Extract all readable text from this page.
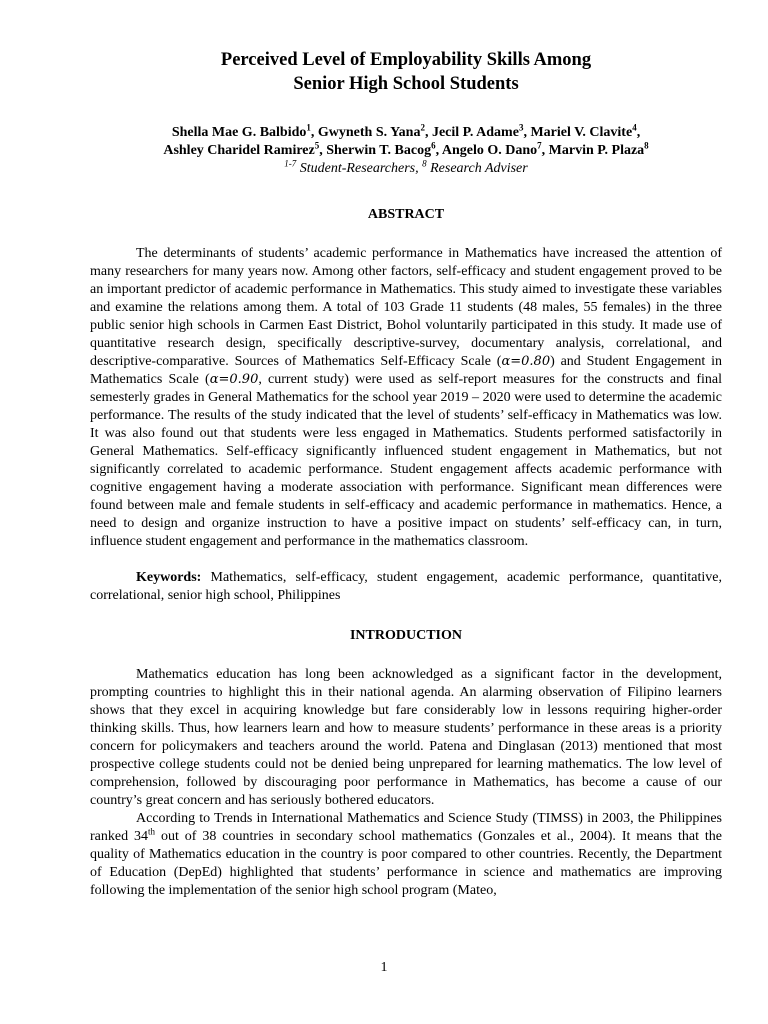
Perceived Level of Employability Skills Among
Senior High School Students
Shella Mae G. Balbido$^1$, Gwyneth S. Yana$^2$, Jecil P. Adame$^3$, Mariel V. Clavite$^4$,
Ashley Charidel Ramirez$^5$, Sherwin T. Bacog$^6$, Angelo O. Dano$^7$, Marvin P. Plaza$^8$
$^{1-7}$ Student-Researchers, $^8$ Research Adviser
ABSTRACT

The determinants of students’ academic performance in Mathematics have increased the attention of many researchers for many years now. Among other factors, self-efficacy and student engagement proved to be an important predictor of academic performance in Mathematics. This study aimed to investigate these variables and examine the relations among them. A total of 103 Grade 11 students (48 males, 55 females) in the three public senior high schools in Carmen East District, Bohol voluntarily participated in this study. It made use of quantitative research design, specifically descriptive-survey, documentary analysis, correlational, and descriptive-comparative. Sources of Mathematics Self-Efficacy Scale (α=0.80) and Student Engagement in Mathematics Scale (α=0.90, current study) were used as self-report measures for the constructs and final semesterly grades in General Mathematics for the school year 2019 – 2020 were used to determine the academic performance. The results of the study indicated that the level of students’ self-efficacy in Mathematics was low. It was also found out that students were less engaged in Mathematics. Students performed satisfactorily in General Mathematics. Self-efficacy significantly influenced student engagement in Mathematics, but not significantly correlated to academic performance. Student engagement affects academic performance with cognitive engagement having a moderate association with performance. Significant mean differences were found between male and female students in self-efficacy and academic performance in mathematics. Hence, a need to design and organize instruction to have a positive impact on students’ self-efficacy can, in turn, influence student engagement and performance in the mathematics classroom.

Keywords: Mathematics, self-efficacy, student engagement, academic performance, quantitative, correlational, senior high school, Philippines

INTRODUCTION

Mathematics education has long been acknowledged as a significant factor in the development, prompting countries to highlight this in their national agenda. An alarming observation of Filipino learners shows that they excel in acquiring knowledge but fare considerably low in lessons requiring higher-order thinking skills. Thus, how learners learn and how to measure students’ performance in these areas is a priority concern for policymakers and teachers around the world. Patena and Dinglasan (2013) mentioned that most prospective college students could not be denied being unprepared for learning mathematics. The low level of comprehension, followed by discouraging poor performance in Mathematics, has become a cause of our country’s great concern and has seriously bothered educators.

According to Trends in International Mathematics and Science Study (TIMSS) in 2003, the Philippines ranked 34th out of 38 countries in secondary school mathematics (Gonzales et al., 2004). It means that the quality of Mathematics education in the country is poor compared to other countries. Recently, the Department of Education (DepEd) highlighted that students’ performance in science and mathematics are improving following the implementation of the senior high school program (Mateo,

1
